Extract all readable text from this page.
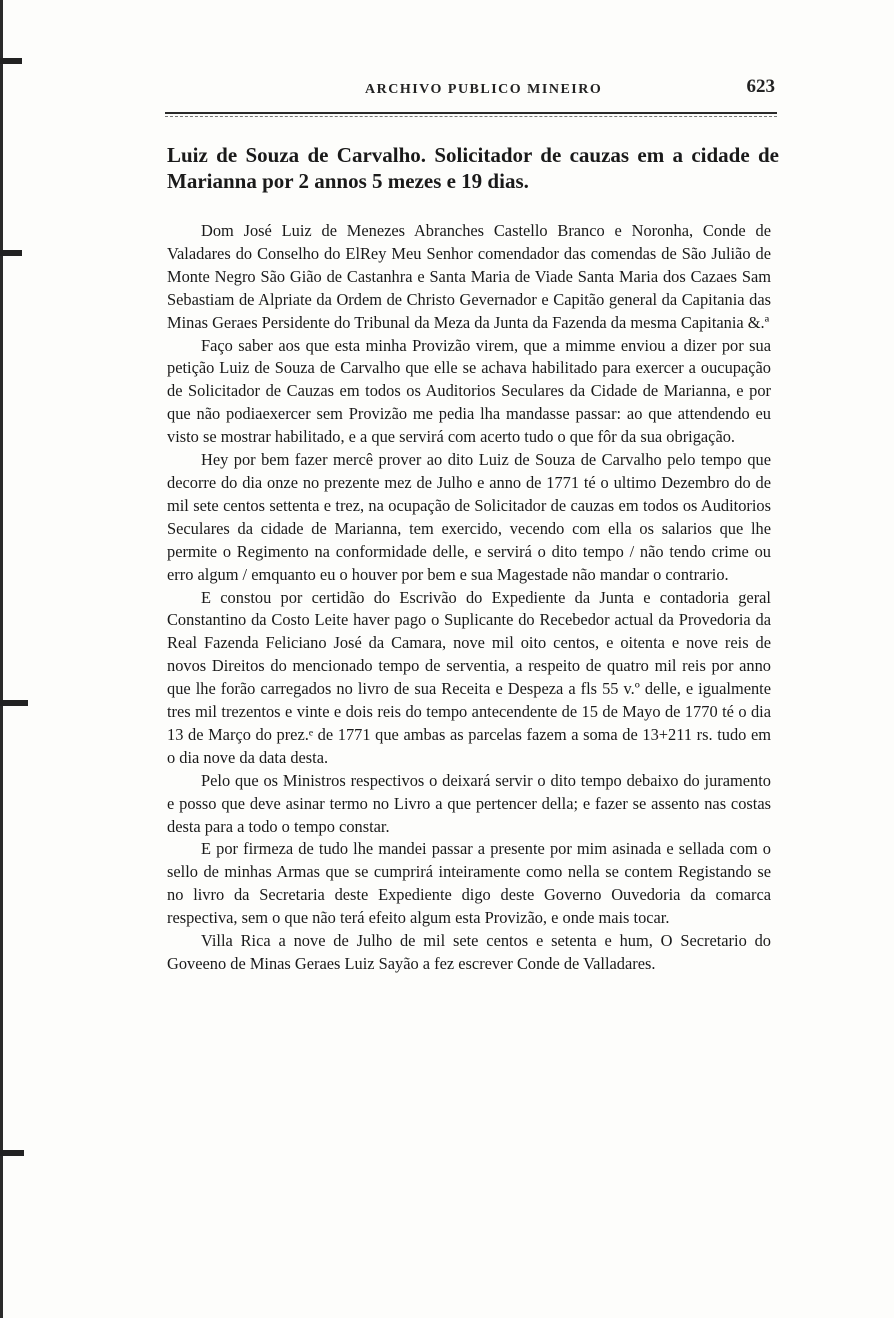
ARCHIVO PUBLICO MINEIRO	623
Luiz de Souza de Carvalho. Solicitador de cauzas em a cidade de Marianna por 2 annos 5 mezes e 19 dias.

Dom José Luiz de Menezes Abranches Castello Branco e Noronha, Conde de Valadares do Conselho do ElRey Meu Senhor comendador das comendas de São Julião de Monte Negro São Gião de Castanhra e Santa Maria de Viade Santa Maria dos Cazaes Sam Sebastiam de Alpriate da Ordem de Christo Gevernador e Capitão general da Capitania das Minas Geraes Persidente do Tribunal da Meza da Junta da Fazenda da mesma Capitania &.ª

Faço saber aos que esta minha Provizão virem, que a mimme enviou a dizer por sua petição Luiz de Souza de Carvalho que elle se achava habilitado para exercer a oucupação de Solicitador de Cauzas em todos os Auditorios Seculares da Cidade de Marianna, e por que não podiaexercer sem Provizão me pedia lha mandasse passar: ao que attendendo eu visto se mostrar habilitado, e a que servirá com acerto tudo o que fôr da sua obrigação.

Hey por bem fazer mercê prover ao dito Luiz de Souza de Carvalho pelo tempo que decorre do dia onze no prezente mez de Julho e anno de 1771 té o ultimo Dezembro do de mil sete centos settenta e trez, na ocupação de Solicitador de cauzas em todos os Auditorios Seculares da cidade de Marianna, tem exercido, vecendo com ella os salarios que lhe permite o Regimento na conformidade delle, e servirá o dito tempo / não tendo crime ou erro algum / emquanto eu o houver por bem e sua Magestade não mandar o contrario.

E constou por certidão do Escrivão do Expediente da Junta e contadoria geral Constantino da Costo Leite haver pago o Suplicante do Recebedor actual da Provedoria da Real Fazenda Feliciano José da Camara, nove mil oito centos, e oitenta e nove reis de novos Direitos do mencionado tempo de serventia, a respeito de quatro mil reis por anno que lhe forão carregados no livro de sua Receita e Despeza a fls 55 v.º delle, e igualmente tres mil trezentos e vinte e dois reis do tempo antecendente de 15 de Mayo de 1770 té o dia 13 de Março do prez.ᵉ de 1771 que ambas as parcelas fazem a soma de 13+211 rs. tudo em o dia nove da data desta.

Pelo que os Ministros respectivos o deixará servir o dito tempo debaixo do juramento e posso que deve asinar termo no Livro a que pertencer della; e fazer se assento nas costas desta para a todo o tempo constar.

E por firmeza de tudo lhe mandei passar a presente por mim asinada e sellada com o sello de minhas Armas que se cumprirá inteiramente como nella se contem Registando se no livro da Secretaria deste Expediente digo deste Governo Ouvedoria da comarca respectiva, sem o que não terá efeito algum esta Provizão, e onde mais tocar.

Villa Rica a nove de Julho de mil sete centos e setenta e hum, O Secretario do Goveeno de Minas Geraes Luiz Sayão a fez escrever Conde de Valladares.
